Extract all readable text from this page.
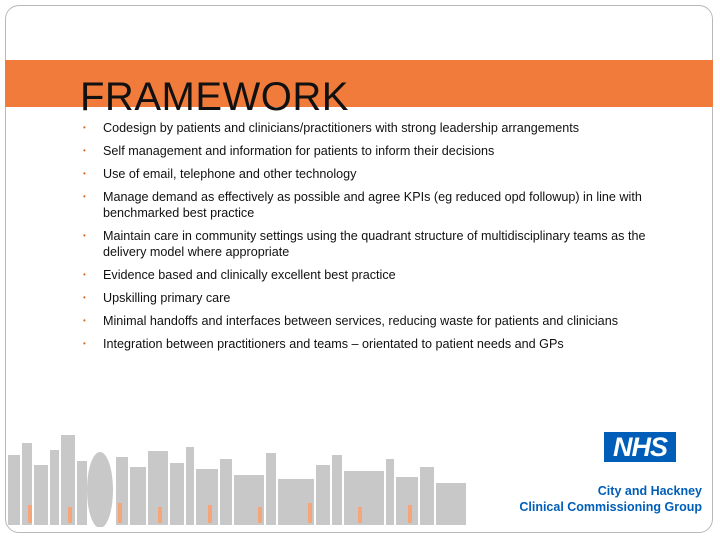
FRAMEWORK
• Codesign by patients and clinicians/practitioners with strong leadership arrangements
• Self management and information for patients to inform their decisions
• Use of email, telephone and other technology
• Manage demand as effectively as possible and agree KPIs (eg reduced opd followup) in line with benchmarked best practice
• Maintain care in community settings using the quadrant structure of multidisciplinary teams as the delivery model where appropriate
• Evidence based and clinically excellent best practice
• Upskilling primary care
• Minimal handoffs and interfaces between services, reducing waste for patients and clinicians
• Integration between practitioners and teams – orientated to patient needs and GPs
NHS
City and Hackney
Clinical Commissioning Group
